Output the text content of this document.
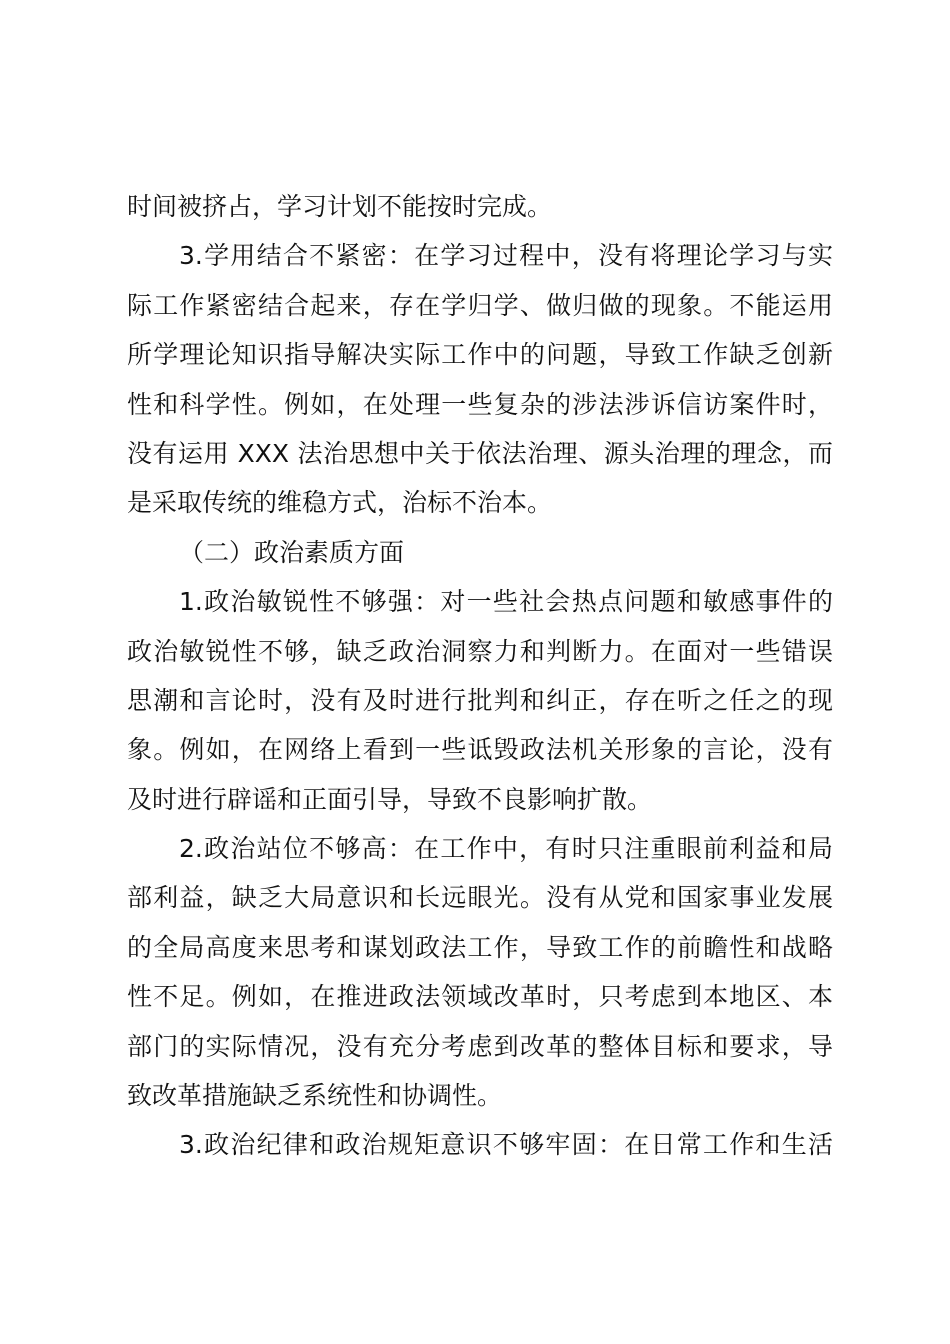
时间被挤占，学习计划不能按时完成。
3.学用结合不紧密：在学习过程中，没有将理论学习与实
际工作紧密结合起来，存在学归学、做归做的现象。不能运用
所学理论知识指导解决实际工作中的问题，导致工作缺乏创新
性和科学性。例如，在处理一些复杂的涉法涉诉信访案件时，
没有运用 XXX 法治思想中关于依法治理、源头治理的理念，而
是采取传统的维稳方式，治标不治本。
（二）政治素质方面
1.政治敏锐性不够强：对一些社会热点问题和敏感事件的
政治敏锐性不够，缺乏政治洞察力和判断力。在面对一些错误
思潮和言论时，没有及时进行批判和纠正，存在听之任之的现
象。例如，在网络上看到一些诋毁政法机关形象的言论，没有
及时进行辟谣和正面引导，导致不良影响扩散。
2.政治站位不够高：在工作中，有时只注重眼前利益和局
部利益，缺乏大局意识和长远眼光。没有从党和国家事业发展
的全局高度来思考和谋划政法工作，导致工作的前瞻性和战略
性不足。例如，在推进政法领域改革时，只考虑到本地区、本
部门的实际情况，没有充分考虑到改革的整体目标和要求，导
致改革措施缺乏系统性和协调性。
3.政治纪律和政治规矩意识不够牢固：在日常工作和生活
